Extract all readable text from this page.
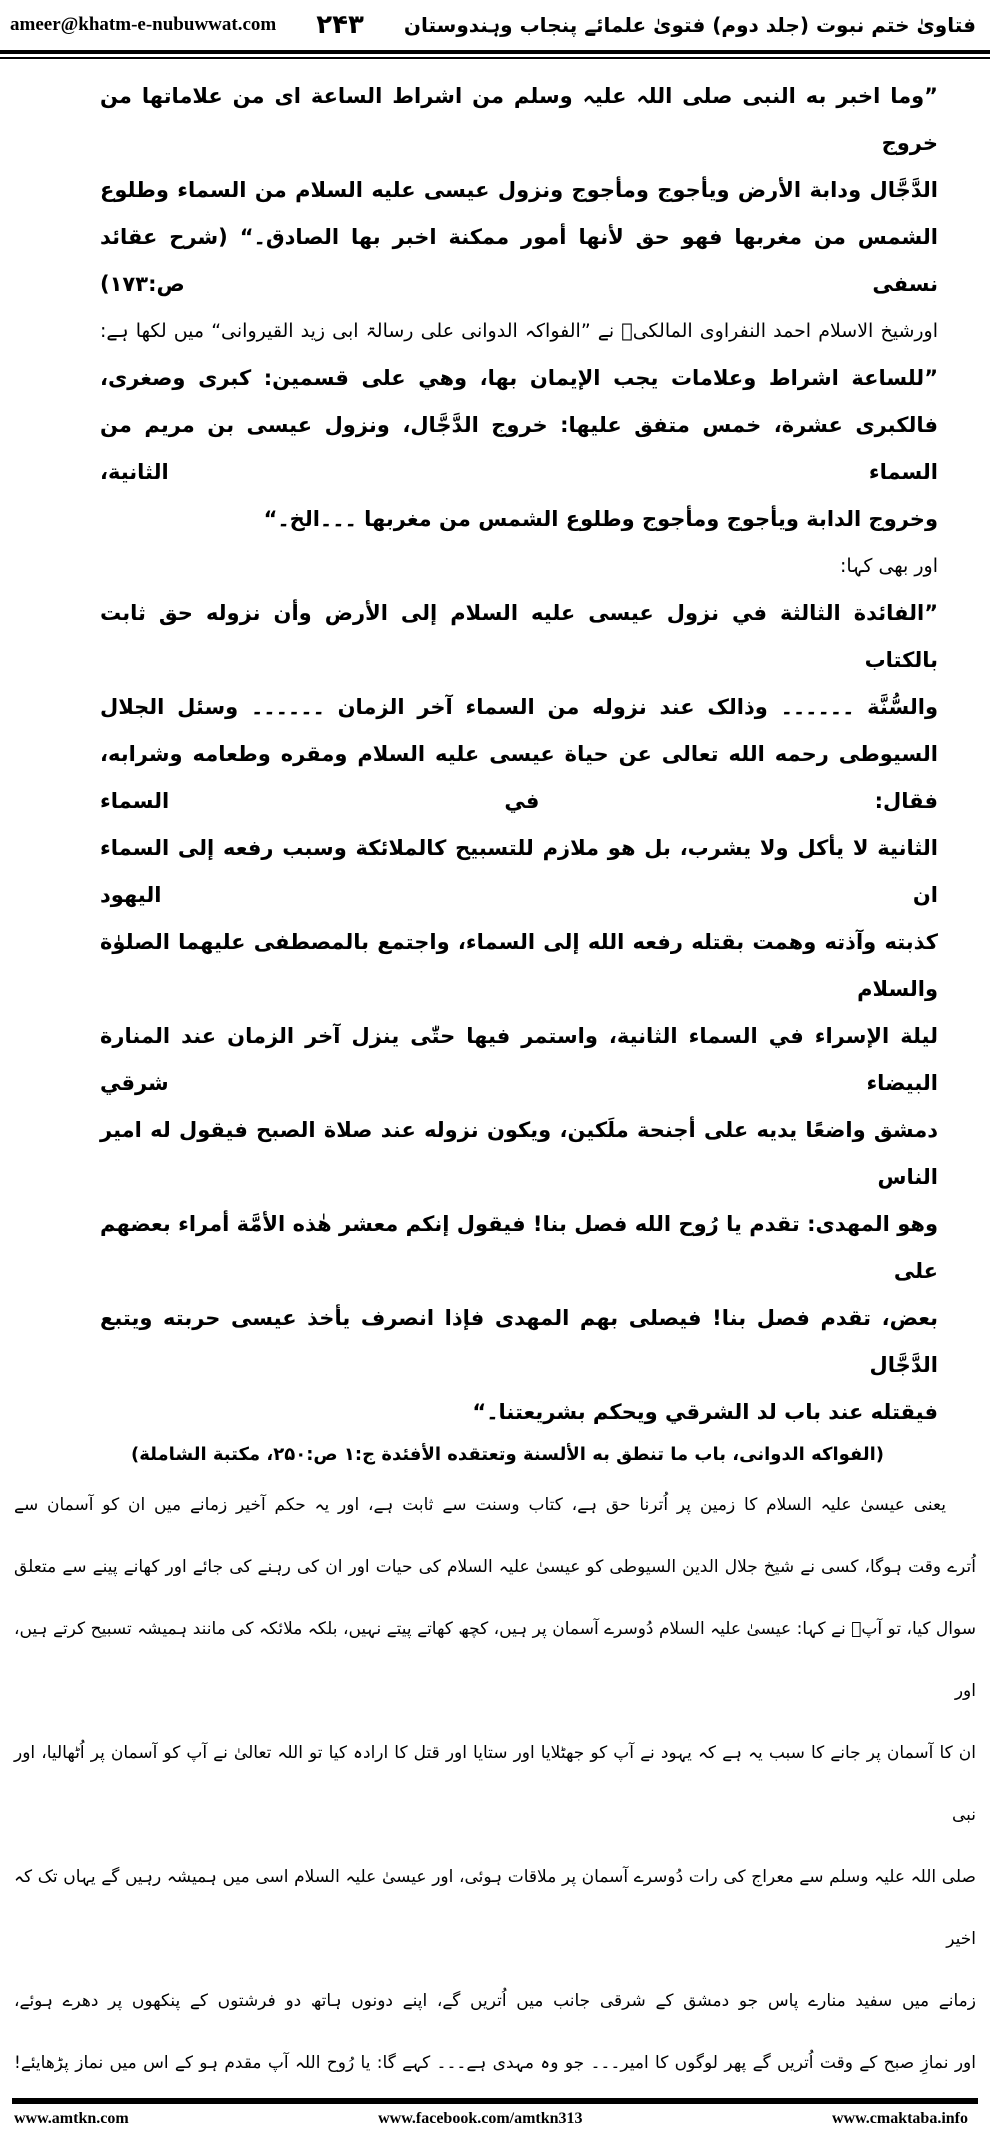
ameer@khatm-e-nubuwwat.com	فتاویٰ ختم نبوت (جلد دوم) فتویٰ علمائے پنجاب وہندوستان
۲۴۳
”وما اخبر به النبی صلی اللہ علیہ وسلم من اشراط الساعة ای من علاماتها من خروج
الدَّجَّال ودابة الأرض ويأجوج ومأجوج ونزول عيسى عليه السلام من السماء وطلوع
الشمس من مغربها فهو حق لأنها أمور ممكنة اخبر بها الصادق۔“ (شرح عقائد نسفی ص:۱۷۳)
اورشیخ الاسلام احمد النفراوی المالکیؒ نے ”الفواکہ الدوانی علی رسالۃ ابی زید القیروانی“ میں لکھا ہے:
”للساعة اشراط وعلامات يجب الإيمان بها، وهي على قسمين: كبرى وصغرى،
فالكبرى عشرة، خمس متفق عليها: خروج الدَّجَّال، ونزول عيسى بن مريم من السماء الثانية،
وخروج الدابة ويأجوج ومأجوج وطلوع الشمس من مغربها ۔۔۔الخ۔“
اور بھی کہا:
”الفائدة الثالثة في نزول عيسى عليه السلام إلى الأرض وأن نزوله حق ثابت بالكتاب
والسُّنَّة ۔۔۔۔۔۔ وذالک عند نزوله من السماء آخر الزمان ۔۔۔۔۔۔ وسئل الجلال
السيوطى رحمه الله تعالى عن حياة عيسى عليه السلام ومقره وطعامه وشرابه، فقال: في السماء
الثانية لا يأكل ولا يشرب، بل هو ملازم للتسبيح كالملائكة وسبب رفعه إلى السماء ان اليهود
كذبته وآذته وهمت بقتله رفعه الله إلى السماء، واجتمع بالمصطفى عليهما الصلوٰة والسلام
ليلة الإسراء في السماء الثانية، واستمر فيها حتّٰى ينزل آخر الزمان عند المنارة البيضاء شرقي
دمشق واضعًا يديه على أجنحة ملَكين، ويكون نزوله عند صلاة الصبح فيقول له امير الناس
وهو المهدى: تقدم يا رُوح الله فصل بنا! فيقول إنكم معشر هٰذه الأمَّة أمراء بعضهم على
بعض، تقدم فصل بنا! فيصلى بهم المهدى فإذا انصرف يأخذ عيسى حربته ويتبع الدَّجَّال
فيقتله عند باب لد الشرقي ويحكم بشريعتنا۔“
(الفواكه الدوانی، باب ما تنطق به الألسنة وتعتقده الأفئدة ج:۱ ص:۲۵۰، مكتبة الشاملة)
یعنی عیسیٰ علیہ السلام کا زمین پر اُترنا حق ہے، کتاب وسنت سے ثابت ہے، اور یہ حکم آخیر زمانے میں ان کو آسمان سے
اُترے وقت ہوگا، کسی نے شیخ جلال الدین السیوطی کو عیسیٰ علیہ السلام کی حیات اور ان کی رہنے کی جائے اور کھانے پینے سے متعلق
سوال کیا، تو آپؒ نے کہا: عیسیٰ علیہ السلام دُوسرے آسمان پر ہیں، کچھ کھاتے پیتے نہیں، بلکہ ملائکہ کی مانند ہمیشہ تسبیح کرتے ہیں، اور
ان کا آسمان پر جانے کا سبب یہ ہے کہ یہود نے آپ کو جھٹلایا اور ستایا اور قتل کا ارادہ کیا تو اللہ تعالیٰ نے آپ کو آسمان پر اُٹھالیا، اور نبی
صلی اللہ علیہ وسلم سے معراج کی رات دُوسرے آسمان پر ملاقات ہوئی، اور عیسیٰ علیہ السلام اسی میں ہمیشہ رہیں گے یہاں تک کہ اخیر
زمانے میں سفید منارے پاس جو دمشق کے شرقی جانب میں اُتریں گے، اپنے دونوں ہاتھ دو فرشتوں کے پنکھوں پر دھرے ہوئے،
اور نمازِ صبح کے وقت اُتریں گے پھر لوگوں کا امیر۔۔۔ جو وہ مہدی ہے۔۔۔ کہے گا: یا رُوح اللہ آپ مقدم ہو کے اس میں نماز پڑھایئے!
www.amtkn.com	www.facebook.com/amtkn313	www.cmaktaba.info
